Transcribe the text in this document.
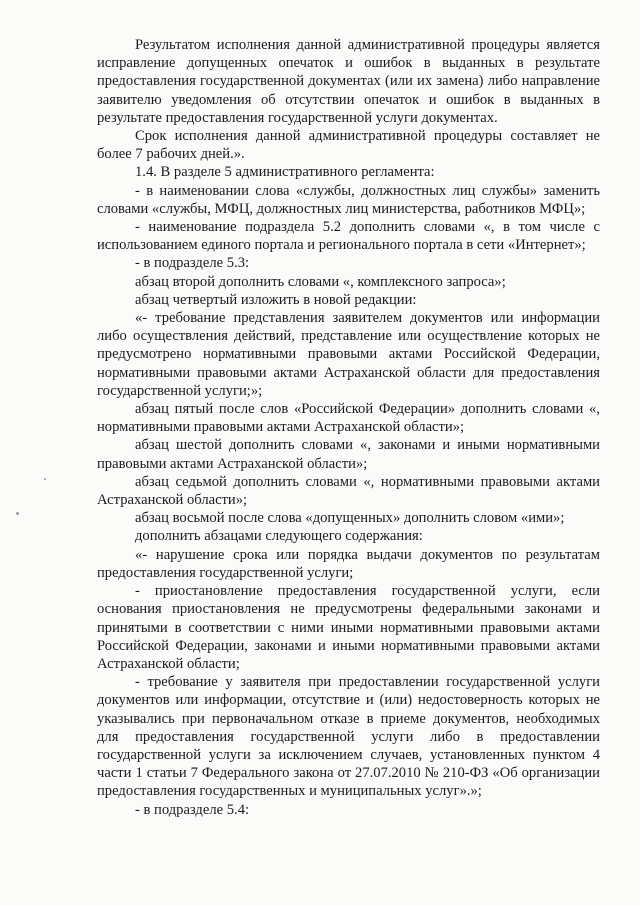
Результатом исполнения данной административной процедуры является исправление допущенных опечаток и ошибок в выданных в результате предоставления государственной документах (или их замена) либо направление заявителю уведомления об отсутствии опечаток и ошибок в выданных в результате предоставления государственной услуги документах.

Срок исполнения данной административной процедуры составляет не более 7 рабочих дней.».

1.4. В разделе 5 административного регламента:

- в наименовании слова «службы, должностных лиц службы» заменить словами «службы, МФЦ, должностных лиц министерства, работников МФЦ»;

- наименование подраздела 5.2 дополнить словами «, в том числе с использованием единого портала и регионального портала в сети «Интернет»;

- в подразделе 5.3:

абзац второй дополнить словами «, комплексного запроса»;

абзац четвертый изложить в новой редакции:

«- требование представления заявителем документов или информации либо осуществления действий, представление или осуществление которых не предусмотрено нормативными правовыми актами Российской Федерации, нормативными правовыми актами Астраханской области для предоставления государственной услуги;»;

абзац пятый после слов «Российской Федерации» дополнить словами «, нормативными правовыми актами Астраханской области»;

абзац шестой дополнить словами «, законами и иными нормативными правовыми актами Астраханской области»;

абзац седьмой дополнить словами «, нормативными правовыми актами Астраханской области»;

абзац восьмой после слова «допущенных» дополнить словом «ими»;

дополнить абзацами следующего содержания:

«- нарушение срока или порядка выдачи документов по результатам предоставления государственной услуги;

- приостановление предоставления государственной услуги, если основания приостановления не предусмотрены федеральными законами и принятыми в соответствии с ними иными нормативными правовыми актами Российской Федерации, законами и иными нормативными правовыми актами Астраханской области;

- требование у заявителя при предоставлении государственной услуги документов или информации, отсутствие и (или) недостоверность которых не указывались при первоначальном отказе в приеме документов, необходимых для предоставления государственной услуги либо в предоставлении государственной услуги за исключением случаев, установленных пунктом 4 части 1 статьи 7 Федерального закона от 27.07.2010 № 210-ФЗ «Об организации предоставления государственных и муниципальных услуг».»;

- в подразделе 5.4:
